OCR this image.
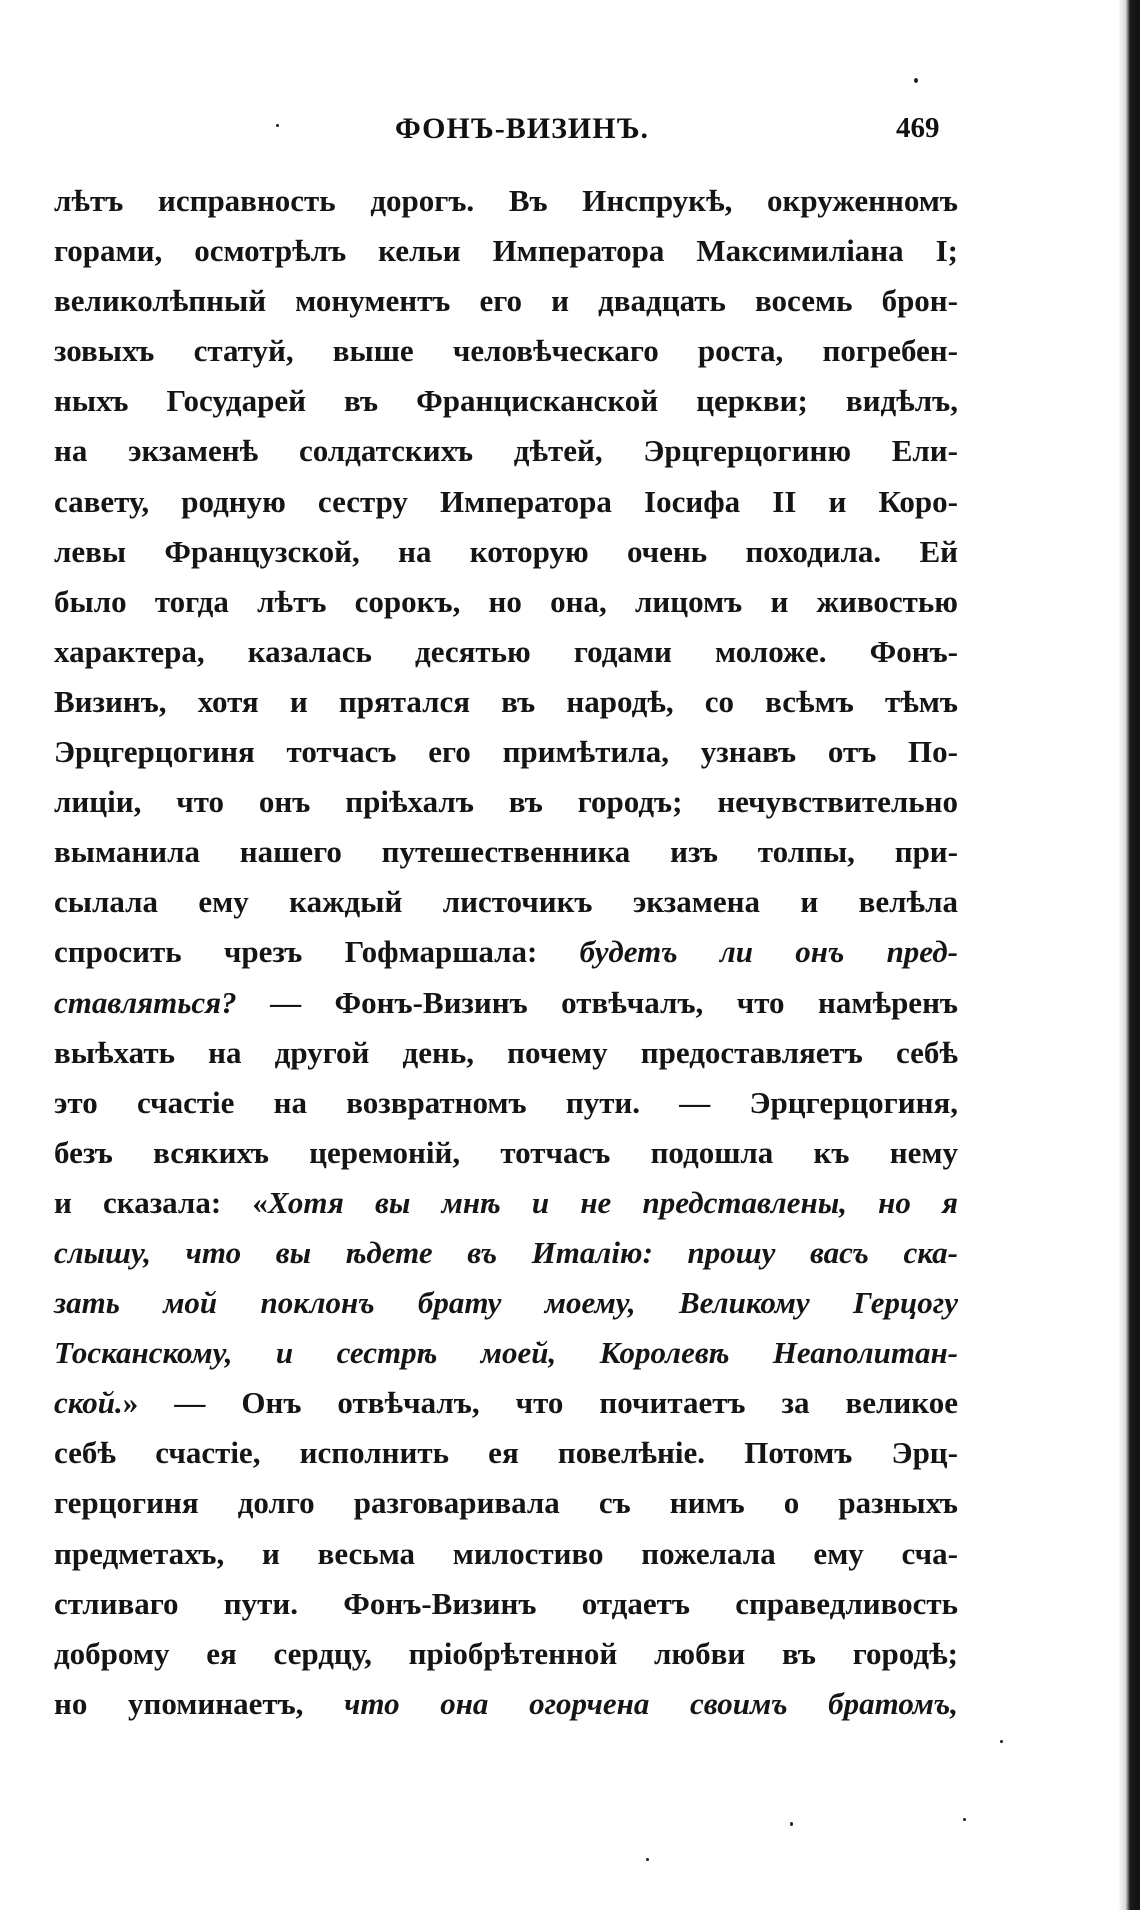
ФОНЪ-ВИЗИНЪ.	469
лѣтъ исправность дорогъ. Въ Инспрукѣ, окруженномъ
горами, осмотрѣлъ кельи Императора Максимиліана I;
великолѣпный монументъ его и двадцать восемь брон-
зовыхъ статуй, выше человѣческаго роста, погребен-
ныхъ Государей въ Францисканской церкви; видѣлъ,
на экзаменѣ солдатскихъ дѣтей, Эрцгерцогиню Ели-
савету, родную сестру Императора Іосифа II и Коро-
левы Французской, на которую очень походила. Ей
было тогда лѣтъ сорокъ, но она, лицомъ и живостью
характера, казалась десятью годами моложе. Фонъ-
Визинъ, хотя и прятался въ народѣ, со всѣмъ тѣмъ
Эрцгерцогиня тотчасъ его примѣтила, узнавъ отъ По-
лиціи, что онъ пріѣхалъ въ городъ; нечувствительно
выманила нашего путешественника изъ толпы, при-
сылала ему каждый листочикъ экзамена и велѣла
спросить чрезъ Гофмаршала: будетъ ли онъ пред-
ставляться? — Фонъ-Визинъ отвѣчалъ, что намѣренъ
выѣхать на другой день, почему предоставляетъ себѣ
это счастіе на возвратномъ пути. — Эрцгерцогиня,
безъ всякихъ церемоній, тотчасъ подошла къ нему
и сказала: «Хотя вы мнѣ и не представлены, но я
слышу, что вы ѣдете въ Италію: прошу васъ ска-
зать мой поклонъ брату моему, Великому Герцогу
Тосканскому, и сестрѣ моей, Королевѣ Неаполитан-
ской.» — Онъ отвѣчалъ, что почитаетъ за великое
себѣ счастіе, исполнить ея повелѣніе. Потомъ Эрц-
герцогиня долго разговаривала съ нимъ о разныхъ
предметахъ, и весьма милостиво пожелала ему сча-
стливаго пути. Фонъ-Визинъ отдаетъ справедливость
доброму ея сердцу, пріобрѣтенной любви въ городѣ;
но упоминаетъ, что она огорчена своимъ братомъ,
